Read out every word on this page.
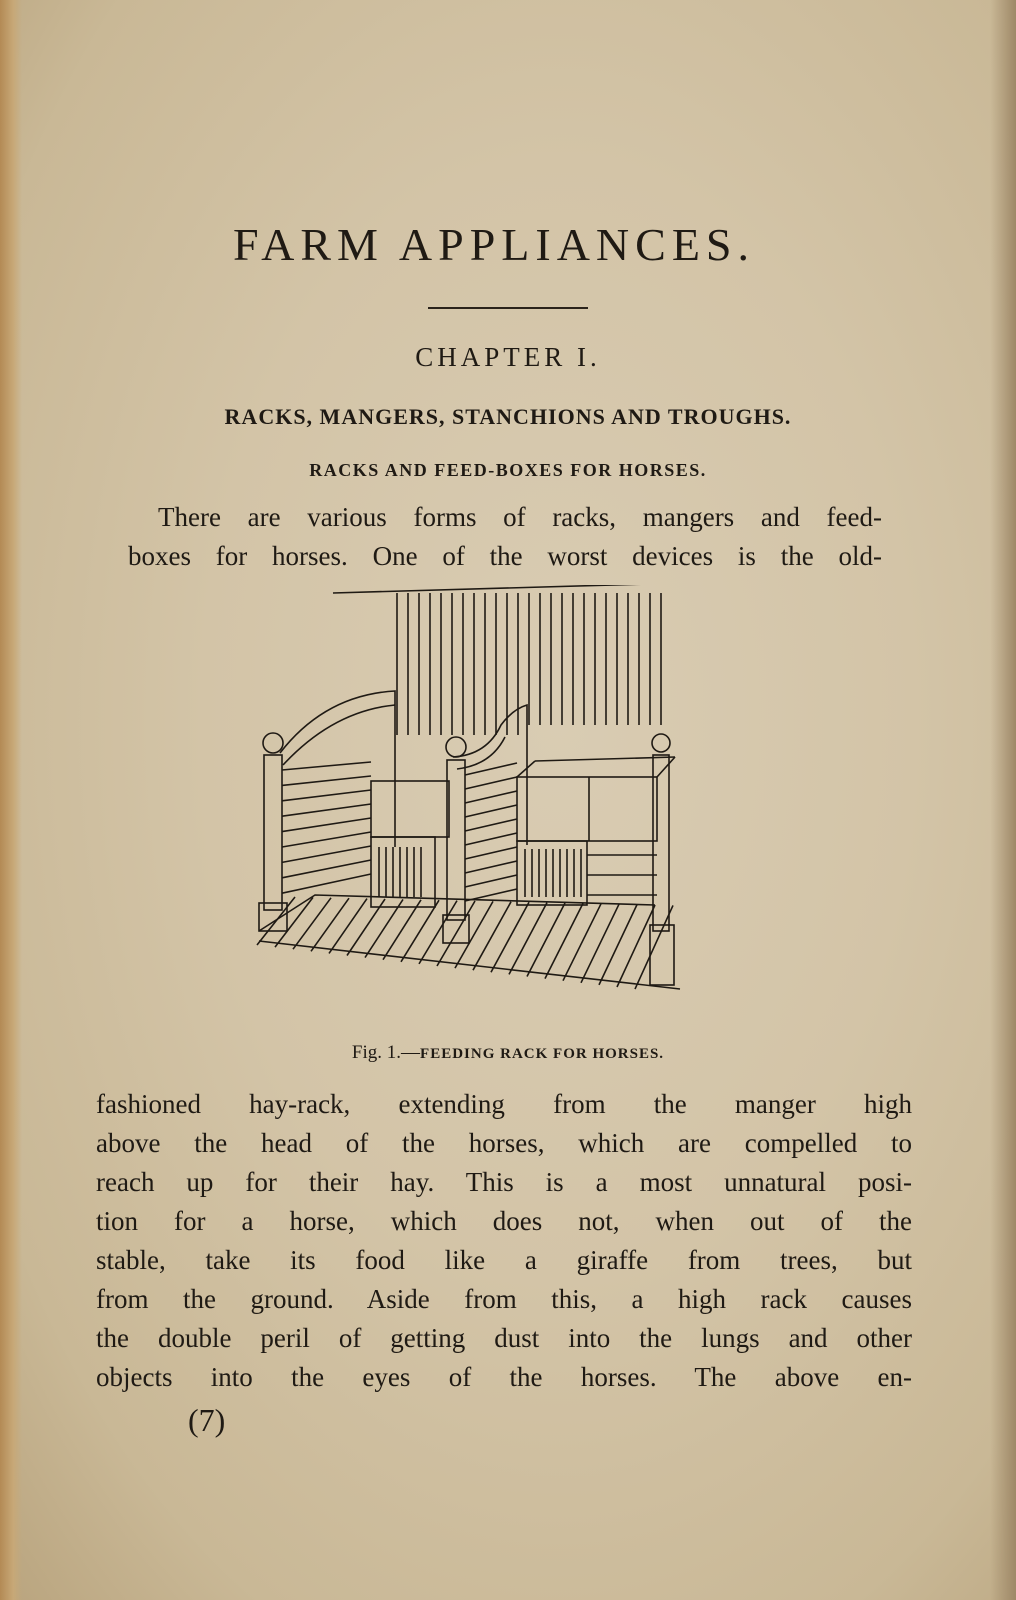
FARM APPLIANCES.
CHAPTER I.
RACKS, MANGERS, STANCHIONS AND TROUGHS.
RACKS AND FEED-BOXES FOR HORSES.
There are various forms of racks, mangers and feed-
boxes for horses. One of the worst devices is the old-
Fig. 1.—FEEDING RACK FOR HORSES.
fashioned hay-rack, extending from the manger high
above the head of the horses, which are compelled to
reach up for their hay. This is a most unnatural posi-
tion for a horse, which does not, when out of the
stable, take its food like a giraffe from trees, but
from the ground. Aside from this, a high rack causes
the double peril of getting dust into the lungs and other
objects into the eyes of the horses. The above en-
(7)
